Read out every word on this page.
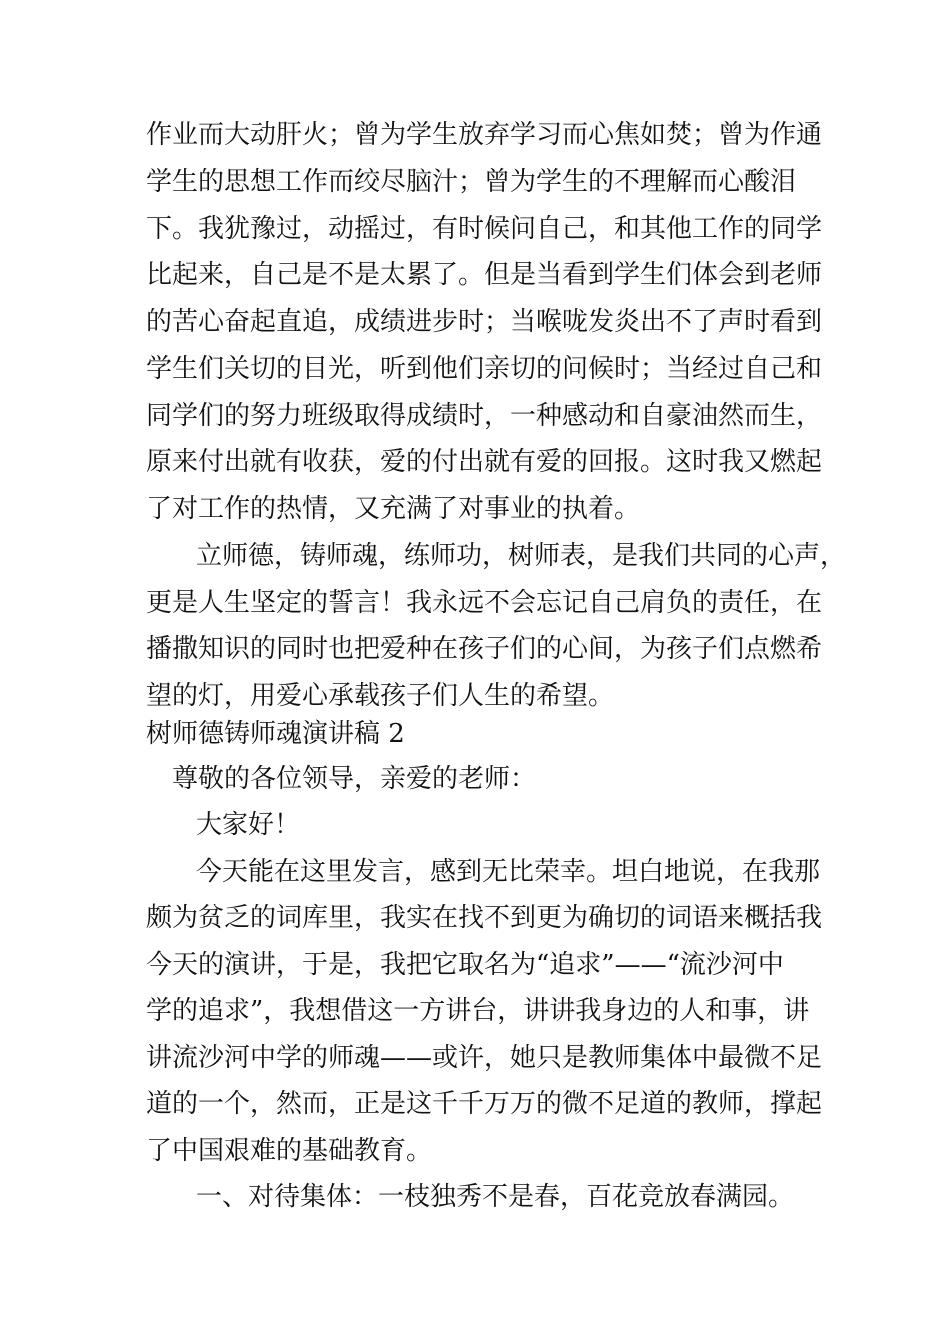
作业而大动肝火；曾为学生放弃学习而心焦如焚；曾为作通
学生的思想工作而绞尽脑汁；曾为学生的不理解而心酸泪
下。我犹豫过，动摇过，有时候问自己，和其他工作的同学
比起来，自己是不是太累了。但是当看到学生们体会到老师
的苦心奋起直追，成绩进步时；当喉咙发炎出不了声时看到
学生们关切的目光，听到他们亲切的问候时；当经过自己和
同学们的努力班级取得成绩时，一种感动和自豪油然而生，
原来付出就有收获，爱的付出就有爱的回报。这时我又燃起
了对工作的热情，又充满了对事业的执着。
立师德，铸师魂，练师功，树师表，是我们共同的心声，
更是人生坚定的誓言！我永远不会忘记自己肩负的责任，在
播撒知识的同时也把爱种在孩子们的心间，为孩子们点燃希
望的灯，用爱心承载孩子们人生的希望。
树师德铸师魂演讲稿 2
尊敬的各位领导，亲爱的老师：
大家好！
今天能在这里发言，感到无比荣幸。坦白地说，在我那
颇为贫乏的词库里，我实在找不到更为确切的词语来概括我
今天的演讲，于是，我把它取名为“追求”——“流沙河中
学的追求”，我想借这一方讲台，讲讲我身边的人和事，讲
讲流沙河中学的师魂——或许，她只是教师集体中最微不足
道的一个，然而，正是这千千万万的微不足道的教师，撑起
了中国艰难的基础教育。
一、对待集体：一枝独秀不是春，百花竞放春满园。
